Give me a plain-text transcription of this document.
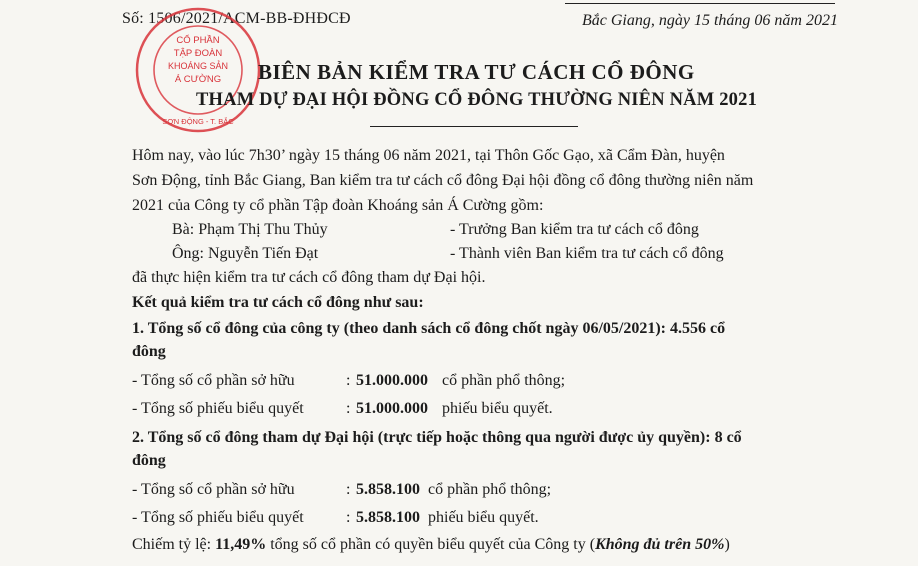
Số: 1506/2021/ACM-BB-ĐHĐCĐ	Bắc Giang, ngày 15 tháng 06 năm 2021
CỔ PHẦN
TẬP ĐOÀN
KHOÁNG SẢN
Á CƯỜNG
SƠN ĐỘNG - T. BẮC
BIÊN BẢN KIỂM TRA TƯ CÁCH CỔ ĐÔNG
THAM DỰ ĐẠI HỘI ĐỒNG CỔ ĐÔNG THƯỜNG NIÊN NĂM 2021
Hôm nay, vào lúc 7h30’ ngày 15 tháng 06 năm 2021, tại Thôn Gốc Gạo, xã Cẩm Đàn, huyện
Sơn Động, tỉnh Bắc Giang, Ban kiểm tra tư cách cổ đông Đại hội đồng cổ đông thường niên năm
2021 của Công ty cổ phần Tập đoàn Khoáng sản Á Cường gồm:
Bà: Phạm Thị Thu Thủy	- Trưởng Ban kiểm tra tư cách cổ đông
Ông: Nguyễn Tiến Đạt	- Thành viên Ban kiểm tra tư cách cổ đông
đã thực hiện kiểm tra tư cách cổ đông tham dự Đại hội.
Kết quả kiểm tra tư cách cổ đông như sau:
1. Tổng số cổ đông của công ty (theo danh sách cổ đông chốt ngày 06/05/2021): 4.556 cổ
đông
- Tổng số cổ phần sở hữu	: 51.000.000 cổ phần phổ thông;
- Tổng số phiếu biểu quyết	: 51.000.000 phiếu biểu quyết.
2. Tổng số cổ đông tham dự Đại hội (trực tiếp hoặc thông qua người được ủy quyền): 8 cổ
đông
- Tổng số cổ phần sở hữu	: 5.858.100 cổ phần phổ thông;
- Tổng số phiếu biểu quyết	: 5.858.100 phiếu biểu quyết.
Chiếm tỷ lệ: 11,49% tổng số cổ phần có quyền biểu quyết của Công ty (Không đủ trên 50%)
